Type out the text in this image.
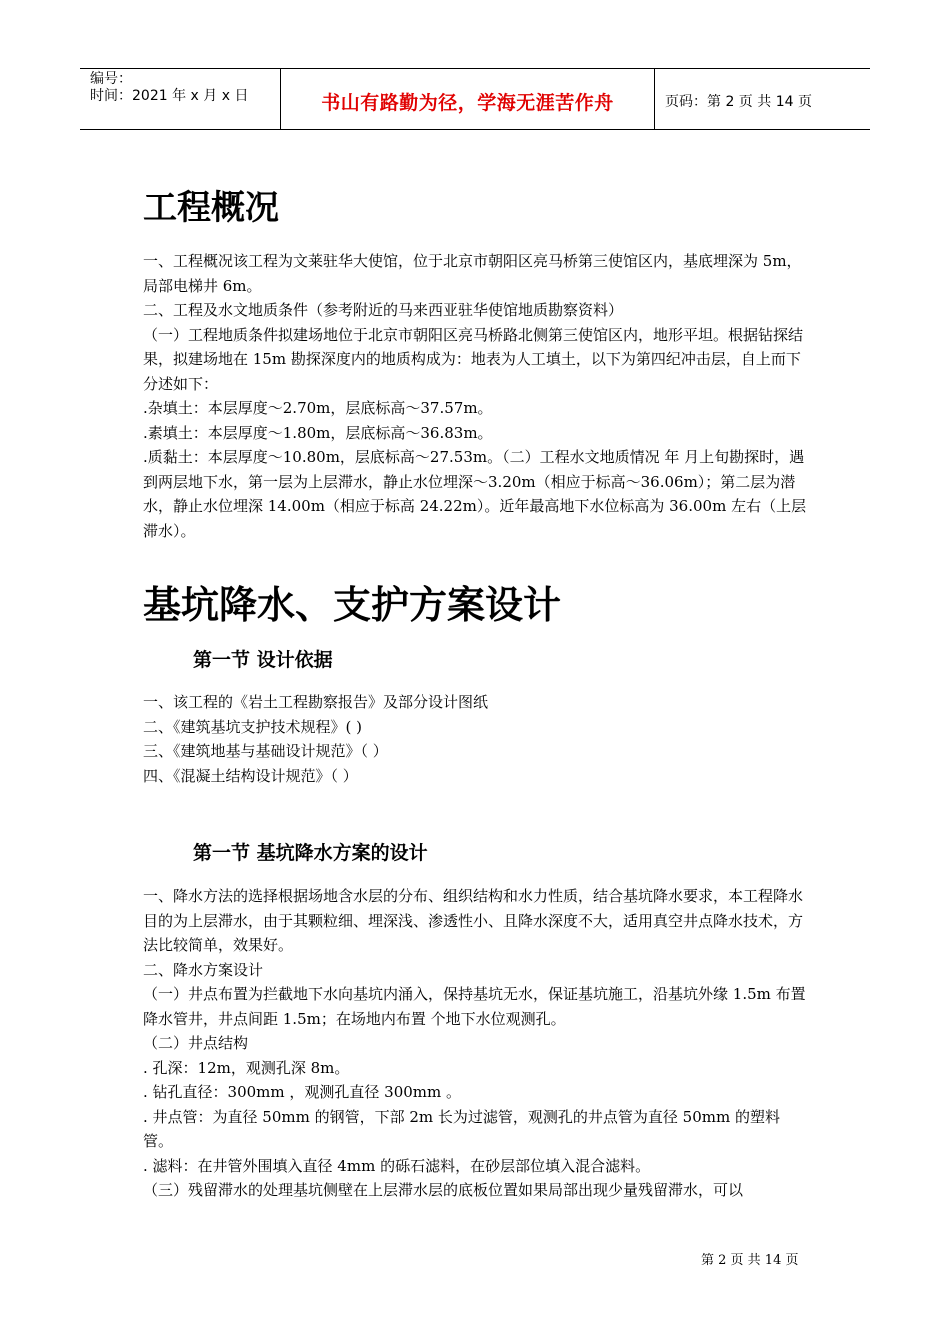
编号：
时间：2021 年 x 月 x 日	书山有路勤为径，学海无涯苦作舟	页码：第 2 页 共 14 页
工程概况

一、工程概况该工程为文莱驻华大使馆，位于北京市朝阳区亮马桥第三使馆区内，基底埋深为 5m，局部电梯井 6m。

二、工程及水文地质条件（参考附近的马来西亚驻华使馆地质勘察资料）

（一）工程地质条件拟建场地位于北京市朝阳区亮马桥路北侧第三使馆区内，地形平坦。根据钻探结果，拟建场地在 15m 勘探深度内的地质构成为：地表为人工填土，以下为第四纪冲击层，自上而下分述如下：

.杂填土：本层厚度～2.70m，层底标高～37.57m。

.素填土：本层厚度～1.80m，层底标高～36.83m。

.质黏土：本层厚度～10.80m，层底标高～27.53m。（二）工程水文地质情况 年 月上旬勘探时，遇到两层地下水，第一层为上层滞水，静止水位埋深～3.20m（相应于标高～36.06m）；第二层为潜水，静止水位埋深 14.00m（相应于标高 24.22m）。近年最高地下水位标高为 36.00m 左右（上层滞水）。

基坑降水、支护方案设计
第一节 设计依据

一、该工程的《岩土工程勘察报告》及部分设计图纸

二、《建筑基坑支护技术规程》( )

三、《建筑地基与基础设计规范》（ ）

四、《混凝土结构设计规范》（ ）

第一节 基坑降水方案的设计

一、降水方法的选择根据场地含水层的分布、组织结构和水力性质，结合基坑降水要求，本工程降水目的为上层滞水，由于其颗粒细、埋深浅、渗透性小、且降水深度不大，适用真空井点降水技术，方法比较简单，效果好。

二、降水方案设计

（一）井点布置为拦截地下水向基坑内涌入，保持基坑无水，保证基坑施工，沿基坑外缘 1.5m 布置降水管井，井点间距 1.5m；在场地内布置 个地下水位观测孔。

（二）井点结构

. 孔深：12m，观测孔深 8m。

. 钻孔直径：300mm ，观测孔直径 300mm 。

. 井点管：为直径 50mm 的钢管，下部 2m 长为过滤管，观测孔的井点管为直径 50mm 的塑料管。

. 滤料：在井管外围填入直径 4mm 的砾石滤料，在砂层部位填入混合滤料。

（三）残留滞水的处理基坑侧壁在上层滞水层的底板位置如果局部出现少量残留滞水，可以

第 2 页 共 14 页
